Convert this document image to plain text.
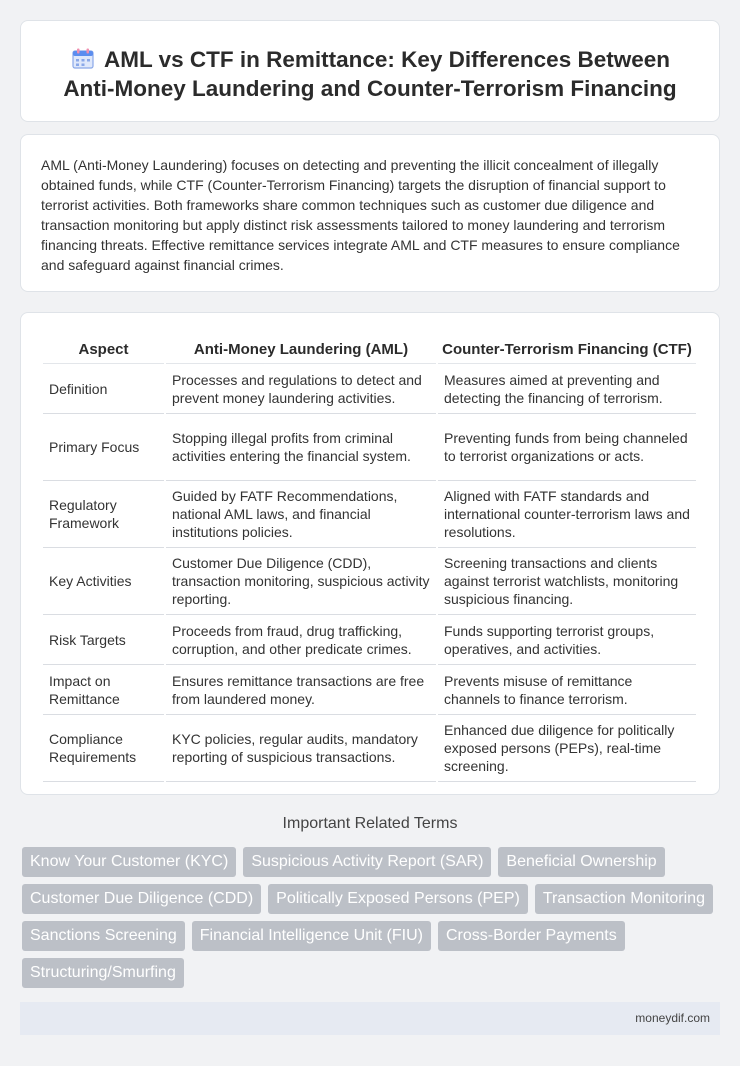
AML vs CTF in Remittance: Key Differences Between Anti-Money Laundering and Counter-Terrorism Financing

AML (Anti-Money Laundering) focuses on detecting and preventing the illicit concealment of illegally obtained funds, while CTF (Counter-Terrorism Financing) targets the disruption of financial support to terrorist activities. Both frameworks share common techniques such as customer due diligence and transaction monitoring but apply distinct risk assessments tailored to money laundering and terrorism financing threats. Effective remittance services integrate AML and CTF measures to ensure compliance and safeguard against financial crimes.

Aspect	Anti-Money Laundering (AML)	Counter-Terrorism Financing (CTF)
Definition	Processes and regulations to detect and prevent money laundering activities.	Measures aimed at preventing and detecting the financing of terrorism.
Primary Focus	Stopping illegal profits from criminal activities entering the financial system.	Preventing funds from being channeled to terrorist organizations or acts.
Regulatory Framework	Guided by FATF Recommendations, national AML laws, and financial institutions policies.	Aligned with FATF standards and international counter-terrorism laws and resolutions.
Key Activities	Customer Due Diligence (CDD), transaction monitoring, suspicious activity reporting.	Screening transactions and clients against terrorist watchlists, monitoring suspicious financing.
Risk Targets	Proceeds from fraud, drug trafficking, corruption, and other predicate crimes.	Funds supporting terrorist groups, operatives, and activities.
Impact on Remittance	Ensures remittance transactions are free from laundered money.	Prevents misuse of remittance channels to finance terrorism.
Compliance Requirements	KYC policies, regular audits, mandatory reporting of suspicious transactions.	Enhanced due diligence for politically exposed persons (PEPs), real-time screening.
Important Related Terms
Know Your Customer (KYC)	Suspicious Activity Report (SAR)	Beneficial Ownership
Customer Due Diligence (CDD)	Politically Exposed Persons (PEP)	Transaction Monitoring
Sanctions Screening	Financial Intelligence Unit (FIU)	Cross-Border Payments
Structuring/Smurfing
moneydif.com
